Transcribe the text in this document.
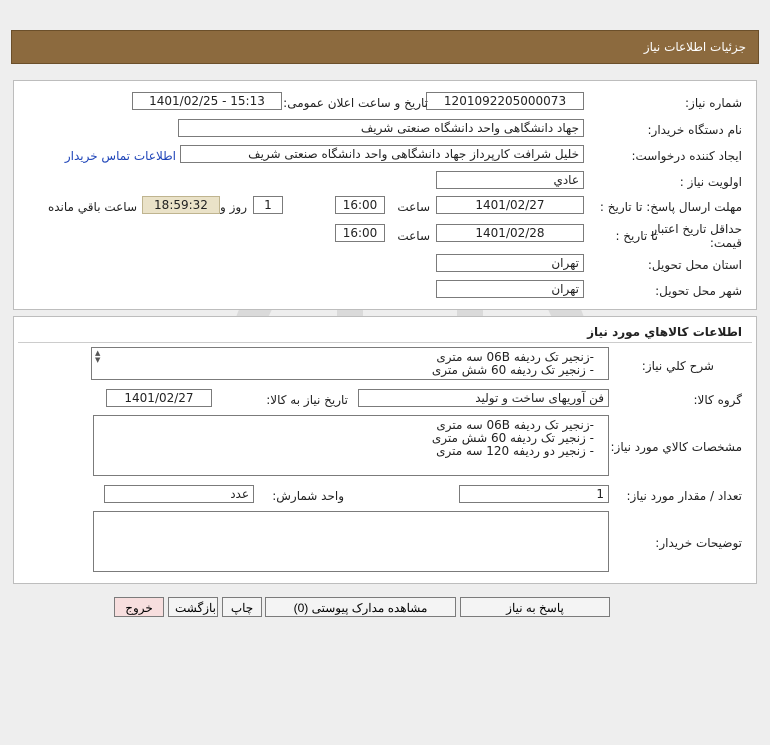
جزئیات اطلاعات نیاز
شماره نیاز:
1201092205000073
تاریخ و ساعت اعلان عمومی:
1401/02/25 - 15:13
نام دستگاه خریدار:
جهاد دانشگاهی واحد دانشگاه صنعتی شریف
ایجاد کننده درخواست:
خلیل شرافت کارپرداز جهاد دانشگاهی واحد دانشگاه صنعتی شریف
اطلاعات تماس خریدار
اولویت نیاز :
عادي
مهلت ارسال پاسخ: تا تاریخ :
1401/02/27
ساعت
16:00
1
روز و
18:59:32
ساعت باقي مانده
حداقل تاریخ اعتبار
قیمت:
تا تاریخ :
1401/02/28
ساعت
16:00
استان محل تحویل:
تهران
شهر محل تحویل:
تهران
اطلاعات كالاهاي مورد نياز
شرح كلي نياز:
▲
▼	-زنجیر تک ردیفه 06B سه متری
- زنجیر تک ردیفه 60 شش متری
گروه کالا:
فن آوریهای ساخت و تولید
تاریخ نیاز به کالا:
1401/02/27
مشخصات كالاي مورد نياز:
-زنجیر تک ردیفه 06B سه متری
- زنجیر تک ردیفه 60 شش متری
- زنجیر دو ردیفه 120 سه متری
تعداد / مقدار مورد نیاز:
1
واحد شمارش:
عدد
توضیحات خریدار:
پاسخ به نیاز
مشاهده مدارک پیوستی (0)
چاپ
بازگشت
خروج
